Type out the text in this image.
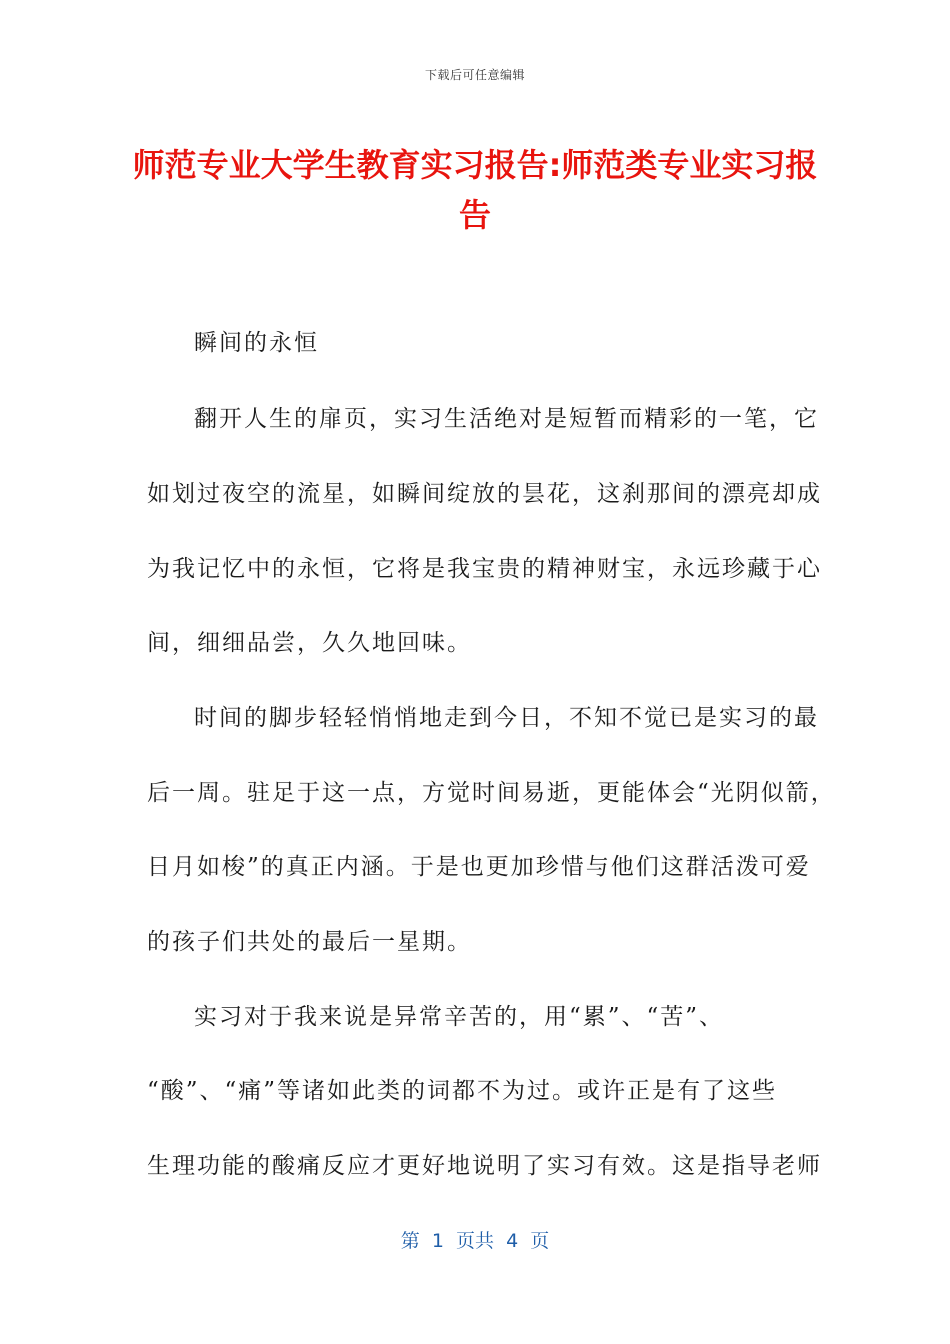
下载后可任意编辑
师范专业大学生教育实习报告:师范类专业实习报告

瞬间的永恒

翻开人生的扉页，实习生活绝对是短暂而精彩的一笔，它

如划过夜空的流星，如瞬间绽放的昙花，这刹那间的漂亮却成

为我记忆中的永恒，它将是我宝贵的精神财宝，永远珍藏于心

间，细细品尝，久久地回味。

时间的脚步轻轻悄悄地走到今日，不知不觉已是实习的最

后一周。驻足于这一点，方觉时间易逝，更能体会“光阴似箭，

日月如梭”的真正内涵。于是也更加珍惜与他们这群活泼可爱

的孩子们共处的最后一星期。

实习对于我来说是异常辛苦的，用“累”、“苦”、

“酸”、“痛”等诸如此类的词都不为过。或许正是有了这些

生理功能的酸痛反应才更好地说明了实习有效。这是指导老师

第  1  页共  4  页
